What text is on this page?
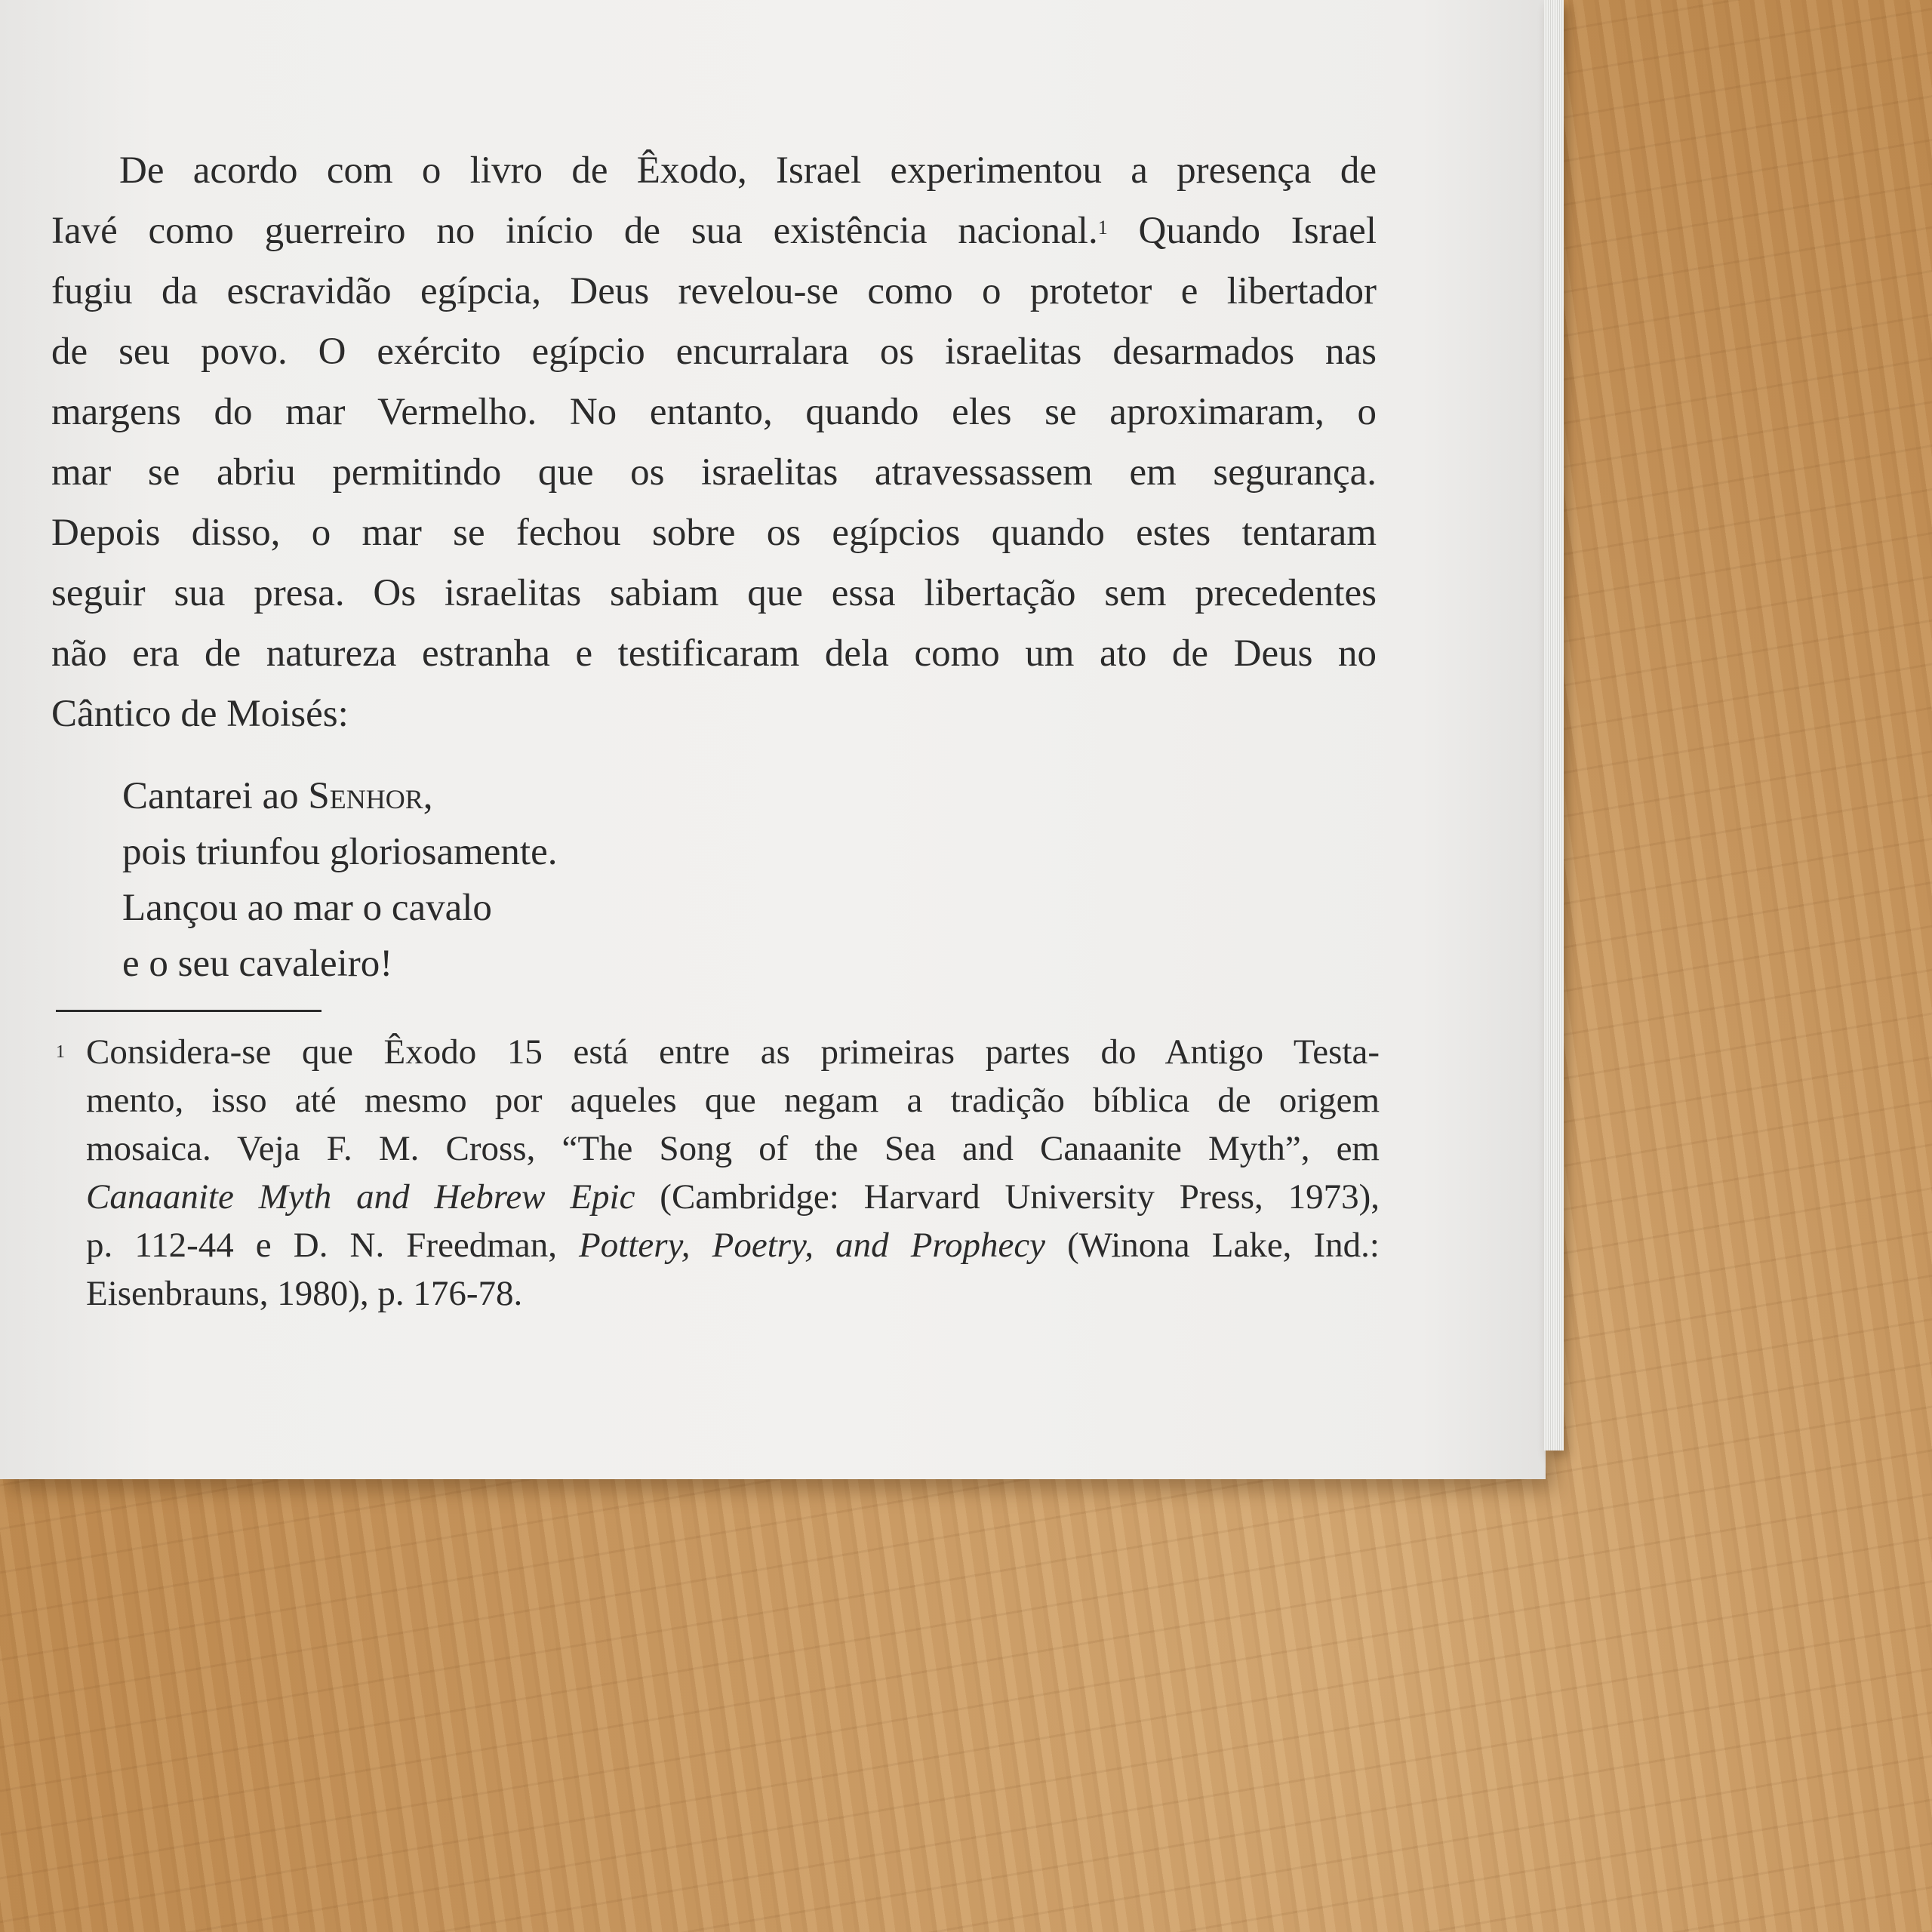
De acordo com o livro de Êxodo, Israel experimentou a presença de
Iavé como guerreiro no início de sua existência nacional.$^1$ Quando Israel
fugiu da escravidão egípcia, Deus revelou-se como o protetor e libertador
de seu povo. O exército egípcio encurralara os israelitas desarmados nas
margens do mar Vermelho. No entanto, quando eles se aproximaram, o
mar se abriu permitindo que os israelitas atravessassem em segurança.
Depois disso, o mar se fechou sobre os egípcios quando estes tentaram
seguir sua presa. Os israelitas sabiam que essa libertação sem precedentes
não era de natureza estranha e testificaram dela como um ato de Deus no
Cântico de Moisés:

Cantarei ao Senhor,
pois triunfou gloriosamente.
Lançou ao mar o cavalo
e o seu cavaleiro!
1 Considera-se que Êxodo 15 está entre as primeiras partes do Antigo Testa-
mento, isso até mesmo por aqueles que negam a tradição bíblica de origem
mosaica. Veja F. M. Cross, “The Song of the Sea and Canaanite Myth”, em
Canaanite Myth and Hebrew Epic (Cambridge: Harvard University Press, 1973),
p. 112-44 e D. N. Freedman, Pottery, Poetry, and Prophecy (Winona Lake, Ind.:
Eisenbrauns, 1980), p. 176-78.
